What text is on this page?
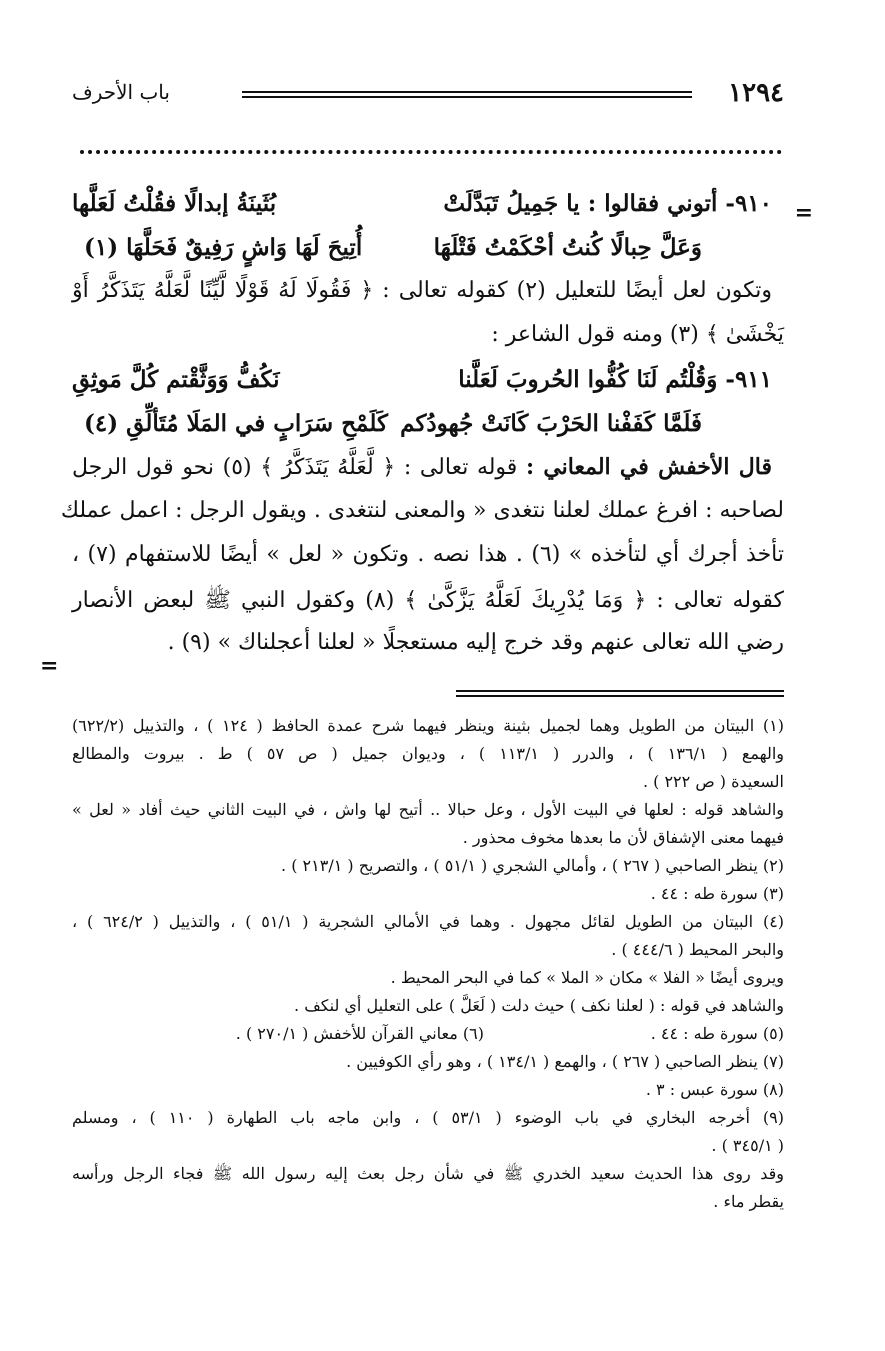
١٢٩٤
باب الأحرف
=
=
٩١٠- أتوني فقالوا : يا جَمِيلُ تَبَدَّلَتْ
بُثَينَةُ إبدالًا فقُلْتُ لَعَلَّها
وَعَلَّ حِبالًا كُنتُ أحْكَمْتُ فَتْلَهَا
أُتِيحَ لَهَا وَاشٍ رَفِيقٌ فَحَلَّهَا (١)
وتكون لعل أيضًا للتعليل (٢) كقوله تعالى : ﴿ فَقُولَا لَهُ قَوْلًا لَّيِّنًا لَّعَلَّهُ يَتَذَكَّرُ أَوْ
يَخْشَىٰ ﴾ (٣) ومنه قول الشاعر :
٩١١- وَقُلْتُم لَنَا كُفُّوا الحُروبَ لَعَلَّنا
نَكُفُّ وَوَثَّقْتم كُلَّ مَوثِقِ
فَلَمَّا كَفَفْنا الحَرْبَ كَانَتْ جُهودُكم
كَلَمْحِ سَرَابٍ في المَلَا مُتَألِّقِ (٤)
قال الأخفش في المعاني : قوله تعالى : ﴿ لَّعَلَّهُ يَتَذَكَّرُ ﴾ (٥) نحو قول الرجل
لصاحبه : افرغ عملك لعلنا نتغدى « والمعنى لنتغدى . ويقول الرجل : اعمل عملك
تأخذ أجرك أي لتأخذه » (٦) . هذا نصه . وتكون « لعل » أيضًا للاستفهام (٧) ،
كقوله تعالى : ﴿ وَمَا يُدْرِيكَ لَعَلَّهُ يَزَّكَّىٰ ﴾ (٨) وكقول النبي ﷺ لبعض الأنصار
رضي الله تعالى عنهم وقد خرج إليه مستعجلًا « لعلنا أعجلناك » (٩) .
(١) البيتان من الطويل وهما لجميل بثينة وينظر فيهما شرح عمدة الحافظ ( ١٢٤ ) ، والتذييل (٦٢٢/٢)
والهمع ( ١٣٦/١ ) ، والدرر ( ١١٣/١ ) ، وديوان جميل ( ص ٥٧ ) ط . بيروت والمطالع
السعيدة ( ص ٢٢٢ ) .
والشاهد قوله : لعلها في البيت الأول ، وعل حبالا .. أتيح لها واش ، في البيت الثاني حيث أفاد « لعل »
فيهما معنى الإشفاق لأن ما بعدها مخوف محذور .
(٢) ينظر الصاحبي ( ٢٦٧ ) ، وأمالي الشجري ( ٥١/١ ) ، والتصريح ( ٢١٣/١ ) .
(٣) سورة طه : ٤٤ .
(٤) البيتان من الطويل لقائل مجهول . وهما في الأمالي الشجرية ( ٥١/١ ) ، والتذييل ( ٦٢٤/٢ ) ،
والبحر المحيط ( ٤٤٤/٦ ) .
ويروى أيضًا « الفلا » مكان « الملا » كما في البحر المحيط .
والشاهد في قوله : ( لعلنا نكف ) حيث دلت ( لَعَلَّ ) على التعليل أي لنكف .
(٥) سورة طه : ٤٤ .
(٦) معاني القرآن للأخفش ( ٢٧٠/١ ) .
(٧) ينظر الصاحبي ( ٢٦٧ ) ، والهمع ( ١٣٤/١ ) ، وهو رأي الكوفيين .
(٨) سورة عبس : ٣ .
(٩) أخرجه البخاري في باب الوضوء ( ٥٣/١ ) ، وابن ماجه باب الطهارة ( ١١٠ ) ، ومسلم
( ٣٤٥/١ ) .
وقد روى هذا الحديث سعيد الخدري ﷺ في شأن رجل بعث إليه رسول الله ﷺ فجاء الرجل ورأسه
يقطر ماء .
